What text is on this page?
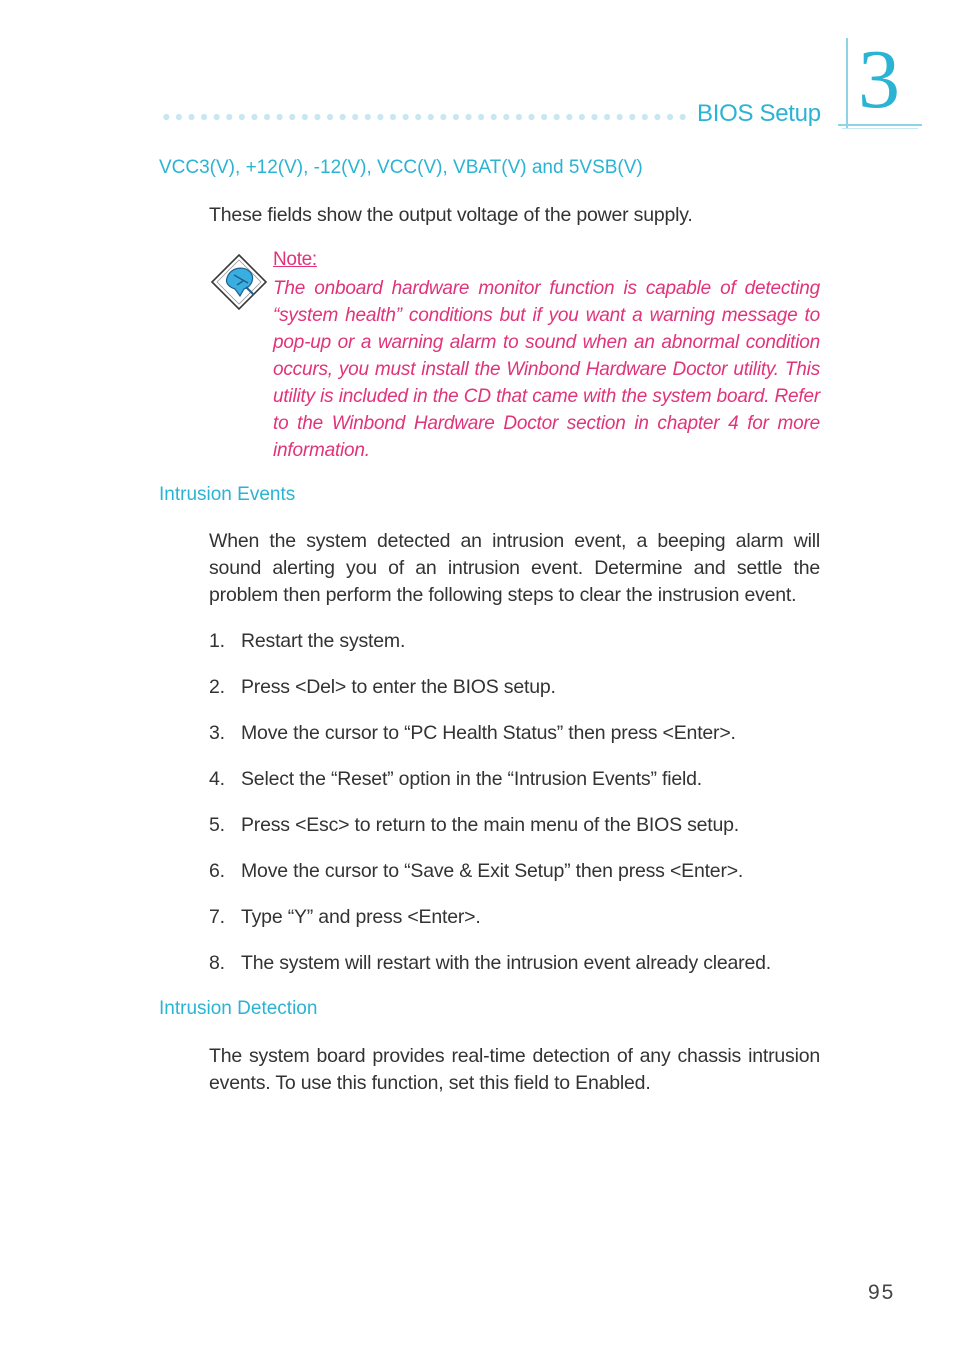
BIOS Setup 3
VCC3(V), +12(V), -12(V), VCC(V), VBAT(V) and 5VSB(V)
These fields show the output voltage of the power supply.
Note:
The onboard hardware monitor function is capable of detecting “system health” conditions but if you want a warning message to pop-up or a warning alarm to sound when an abnormal condition occurs, you must install the Winbond Hardware Doctor utility. This utility is included in the CD that came with the system board. Refer to the Winbond Hardware Doctor section in chapter 4 for more information.
Intrusion Events
When the system detected an intrusion event, a beeping alarm will sound alerting you of an intrusion event. Determine and settle the problem then perform the following steps to clear the instrusion event.
1. Restart the system.
2. Press <Del> to enter the BIOS setup.
3. Move the cursor to “PC Health Status” then press <Enter>.
4. Select the “Reset” option in the “Intrusion Events” field.
5. Press <Esc> to return to the main menu of the BIOS setup.
6. Move the cursor to “Save & Exit Setup” then press <Enter>.
7. Type “Y” and press <Enter>.
8. The system will restart with the intrusion event already cleared.
Intrusion Detection
The system board provides real-time detection of any chassis intrusion events. To use this function, set this field to Enabled.
95
